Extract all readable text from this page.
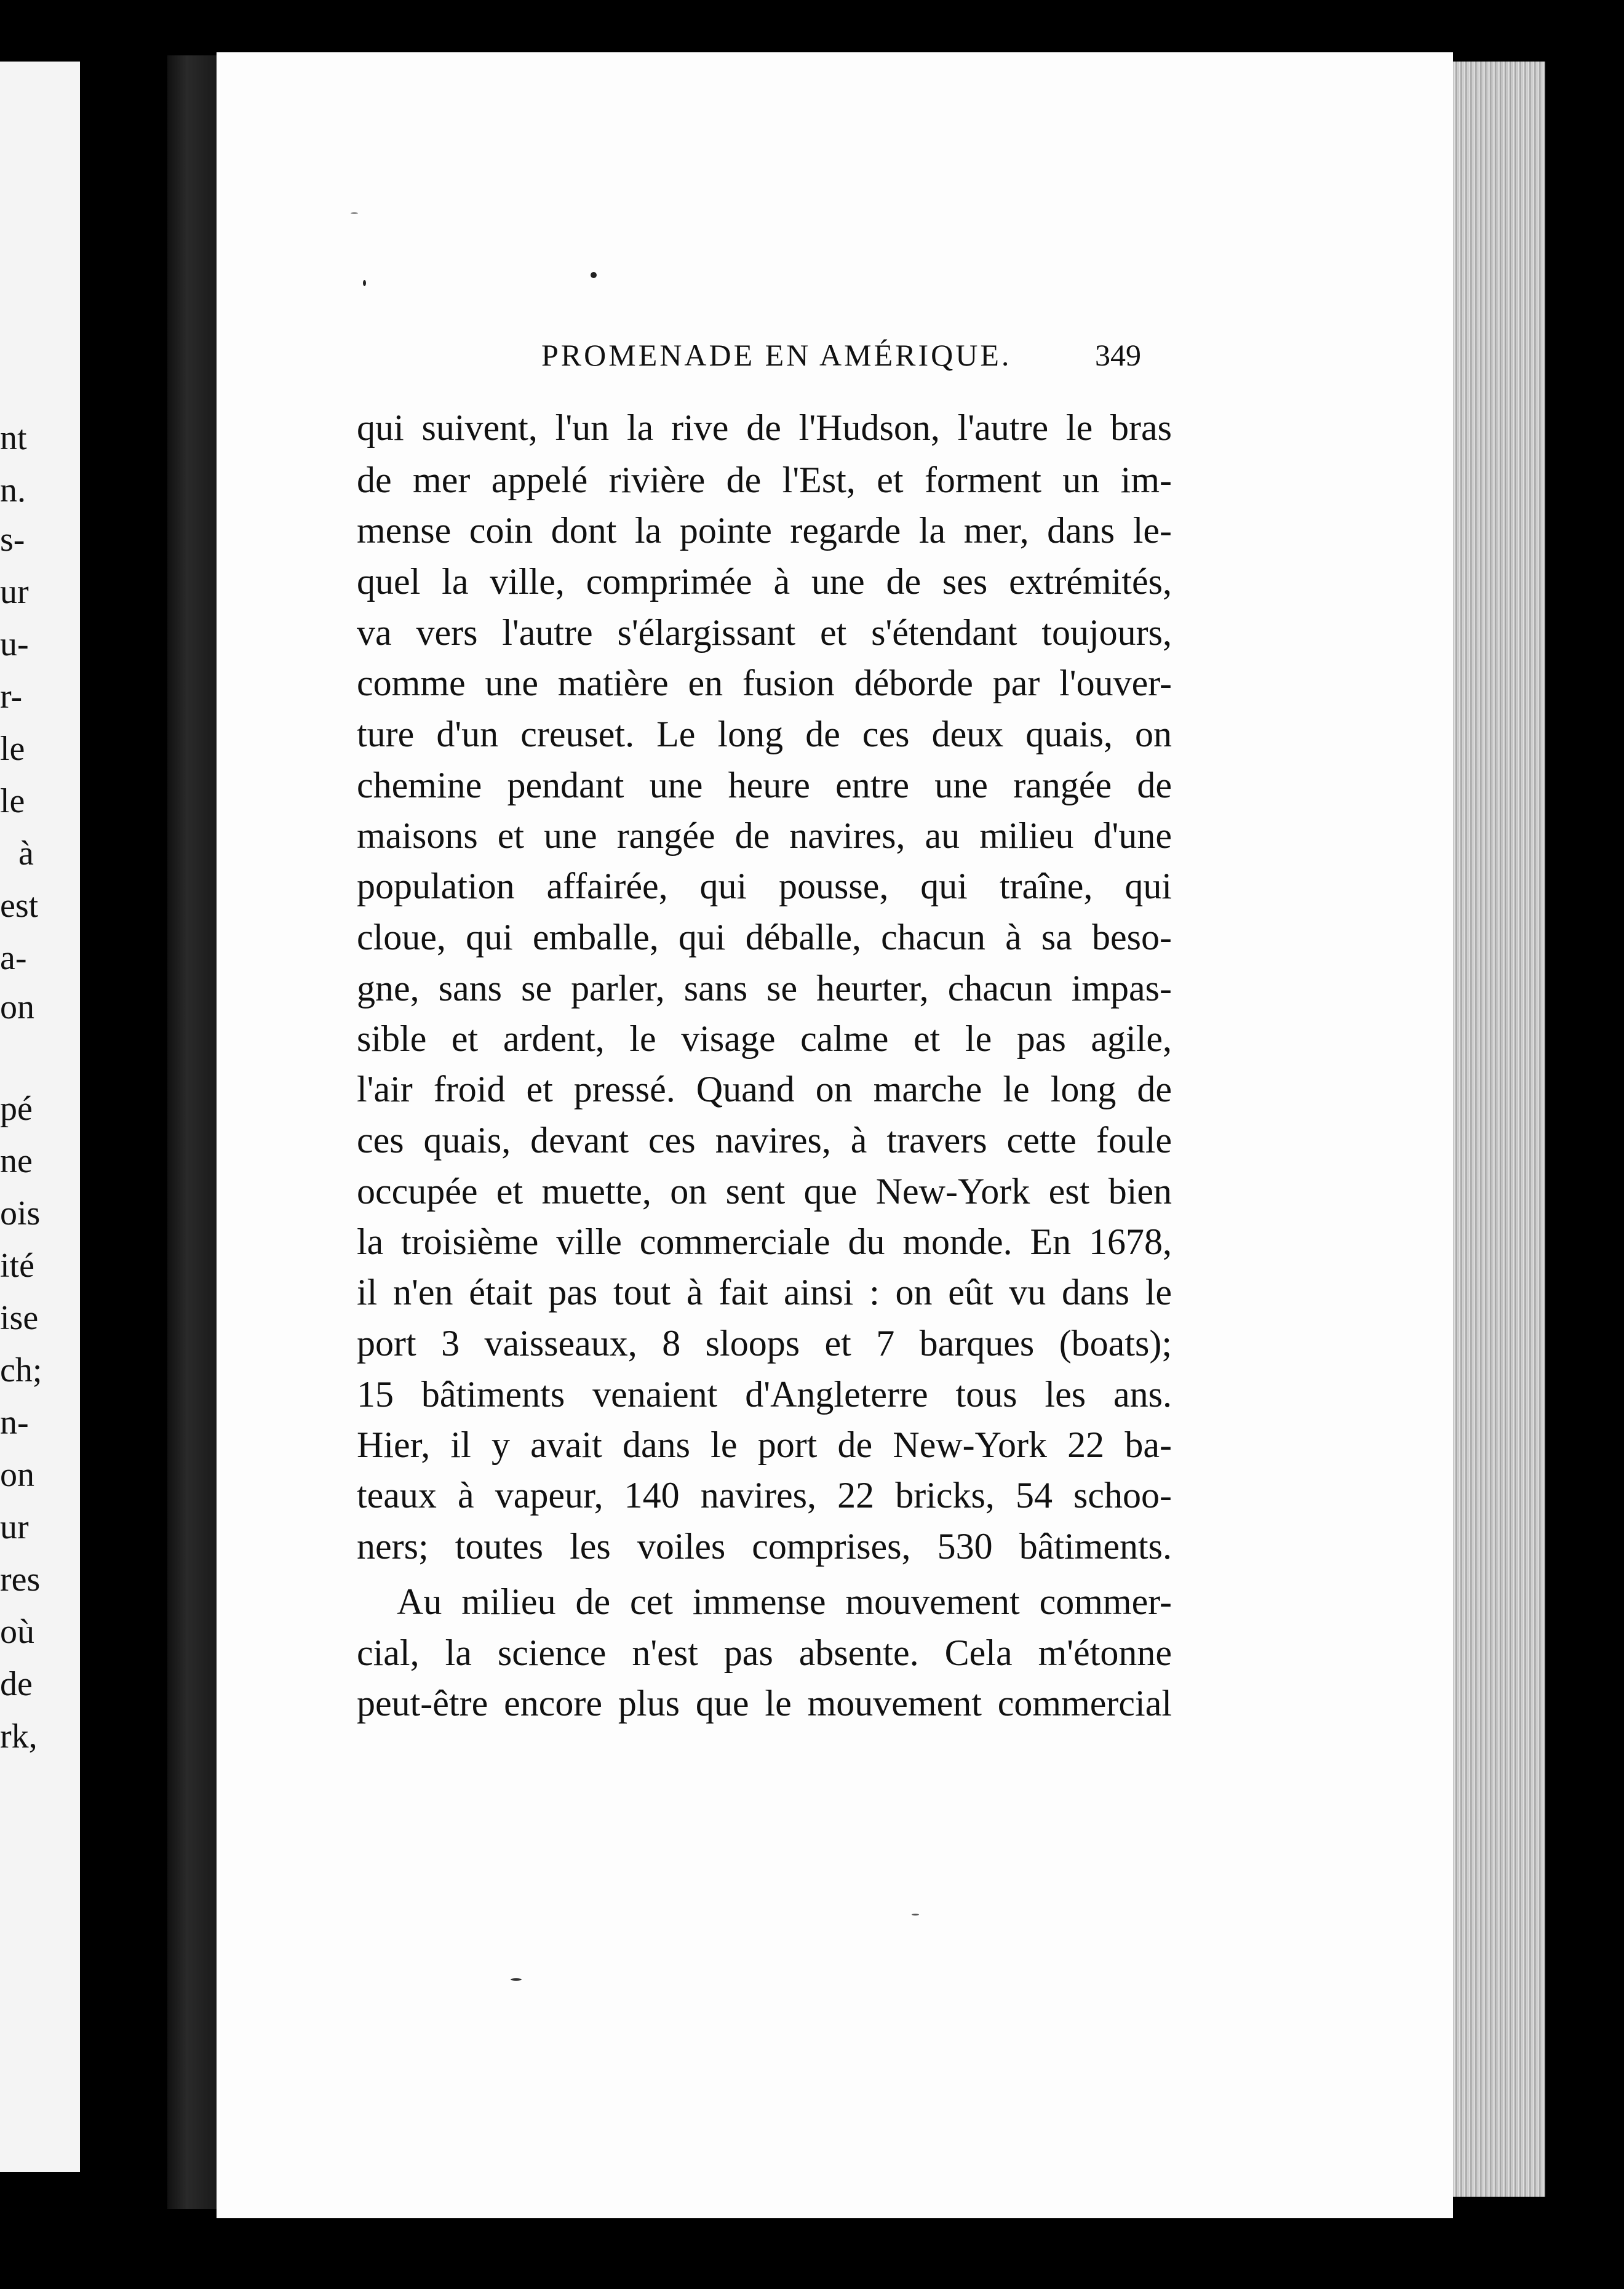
nt
n.
s-
ur
u-
r-
le
le
à
est
a-
on
pé
ne
ois
ité
ise
ch;
n-
on
ur
res
où
de
rk,
PROMENADE EN AMÉRIQUE.	349
qui suivent, l'un la rive de l'Hudson, l'autre le bras
de mer appelé rivière de l'Est, et forment un im-
mense coin dont la pointe regarde la mer, dans le-
quel la ville, comprimée à une de ses extrémités,
va vers l'autre s'élargissant et s'étendant toujours,
comme une matière en fusion déborde par l'ouver-
ture d'un creuset. Le long de ces deux quais, on
chemine pendant une heure entre une rangée de
maisons et une rangée de navires, au milieu d'une
population affairée, qui pousse, qui traîne, qui
cloue, qui emballe, qui déballe, chacun à sa beso-
gne, sans se parler, sans se heurter, chacun impas-
sible et ardent, le visage calme et le pas agile,
l'air froid et pressé. Quand on marche le long de
ces quais, devant ces navires, à travers cette foule
occupée et muette, on sent que New-York est bien
la troisième ville commerciale du monde. En 1678,
il n'en était pas tout à fait ainsi : on eût vu dans le
port 3 vaisseaux, 8 sloops et 7 barques (boats);
15 bâtiments venaient d'Angleterre tous les ans.
Hier, il y avait dans le port de New-York 22 ba-
teaux à vapeur, 140 navires, 22 bricks, 54 schoo-
ners; toutes les voiles comprises, 530 bâtiments.
Au milieu de cet immense mouvement commer-
cial, la science n'est pas absente. Cela m'étonne
peut-être encore plus que le mouvement commercial
